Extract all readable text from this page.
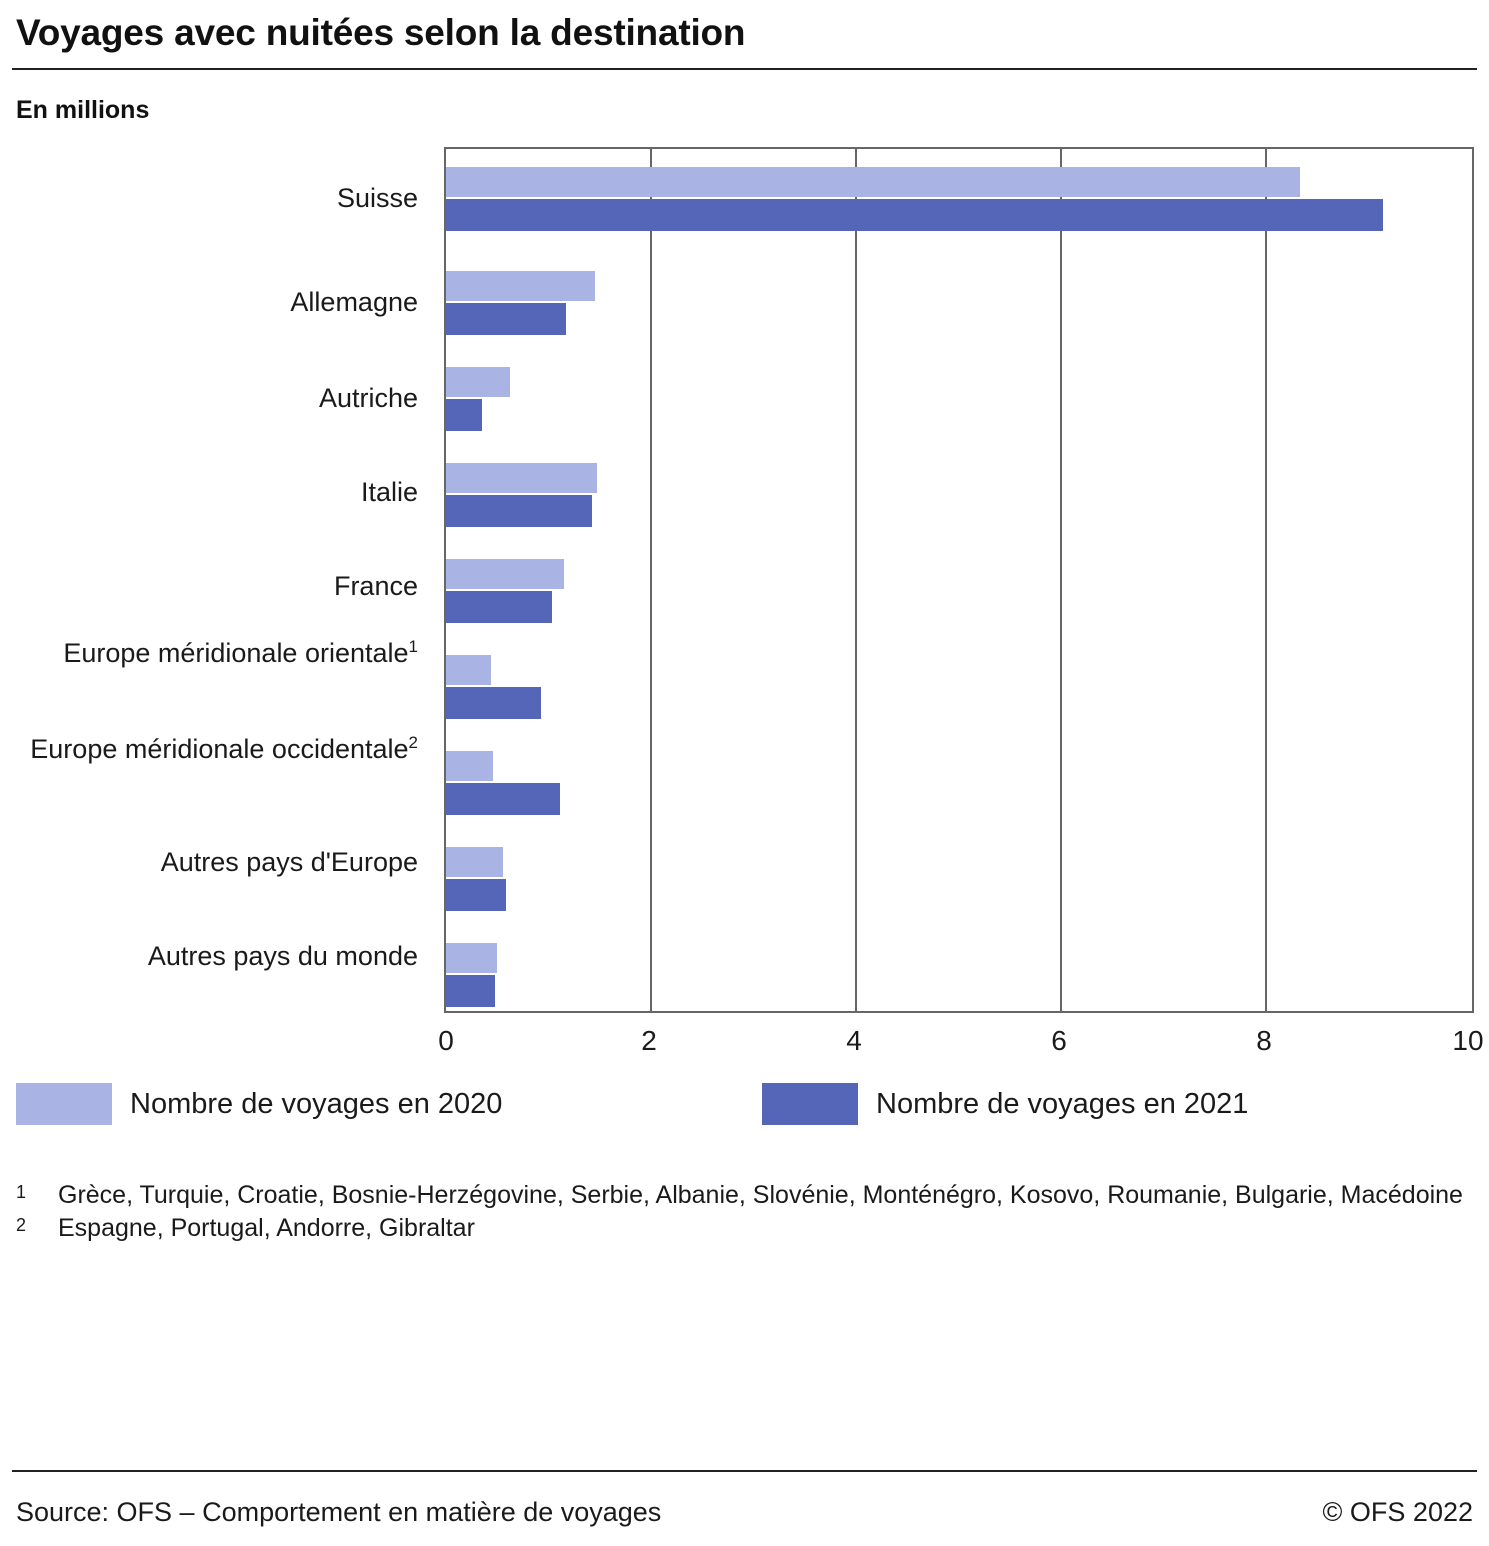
Voyages avec nuitées selon la destination
En millions
Suisse
Allemagne
Autriche
Italie
France
Europe méridionale orientale$^1$
Europe méridionale occidentale$^2$
Autres pays d'Europe
Autres pays du monde
0	2	4	6	8	10
Nombre de voyages en 2020	Nombre de voyages en 2021
1	Grèce, Turquie, Croatie, Bosnie-Herzégovine, Serbie, Albanie, Slovénie, Monténégro, Kosovo, Roumanie, Bulgarie, Macédoine
2	Espagne, Portugal, Andorre, Gibraltar
Source: OFS – Comportement en matière de voyages	© OFS 2022
